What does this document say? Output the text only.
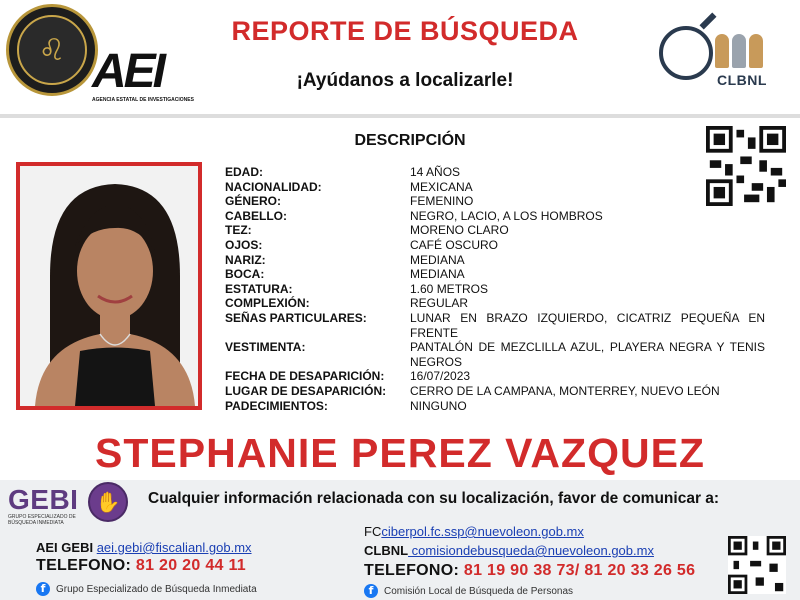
♌ AEI
AGENCIA ESTATAL DE INVESTIGACIONES
REPORTE DE BÚSQUEDA
¡Ayúdanos a localizarle!	CLBNL
DESCRIPCIÓN
EDAD:	14 AÑOS
NACIONALIDAD:	MEXICANA
GÉNERO:	FEMENINO
CABELLO:	NEGRO, LACIO, A LOS HOMBROS
TEZ:	MORENO CLARO
OJOS:	CAFÉ OSCURO
NARIZ:	MEDIANA
BOCA:	MEDIANA
ESTATURA:	1.60 METROS
COMPLEXIÓN:	REGULAR
SEÑAS PARTICULARES:	LUNAR EN BRAZO IZQUIERDO, CICATRIZ PEQUEÑA EN FRENTE
VESTIMENTA:	PANTALÓN DE MEZCLILLA AZUL, PLAYERA NEGRA Y TENIS NEGROS
FECHA DE DESAPARICIÓN:	16/07/2023
LUGAR DE DESAPARICIÓN:	CERRO DE LA CAMPANA, MONTERREY, NUEVO LEÓN
PADECIMIENTOS:	NINGUNO
STEPHANIE PEREZ VAZQUEZ
GEBI
GRUPO ESPECIALIZADO DE BÚSQUEDA INMEDIATA
✋	Cualquier información relacionada con su localización, favor de comunicar a:
AEI GEBI aei.gebi@fiscalianl.gob.mx
TELEFONO: 81 20 20 44 11
f	Grupo Especializado de Búsqueda Inmediata
FCciberpol.fc.ssp@nuevoleon.gob.mx
CLBNL comisiondebusqueda@nuevoleon.gob.mx
TELEFONO: 81 19 90 38 73/ 81 20 33 26 56
f	Comisión Local de Búsqueda de Personas
